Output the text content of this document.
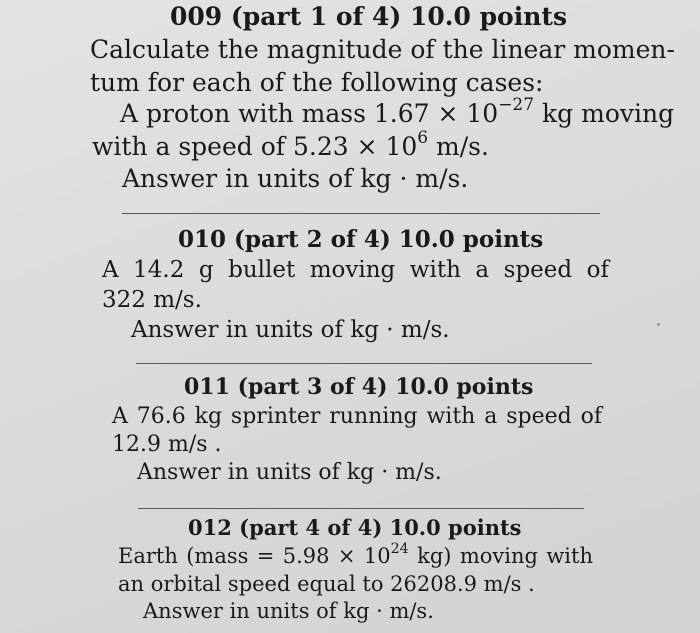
009 (part 1 of 4) 10.0 points
Calculate the magnitude of the linear momen-
tum for each of the following cases:
A proton with mass $1.67 \times 10^{-27}$ kg moving
with a speed of $5.23 \times 10^6$ m/s.
Answer in units of kg · m/s.
010 (part 2 of 4) 10.0 points
A 14.2 g bullet moving with a speed of
322 m/s.
Answer in units of kg · m/s.
011 (part 3 of 4) 10.0 points
A 76.6 kg sprinter running with a speed of
12.9 m/s .
Answer in units of kg · m/s.
012 (part 4 of 4) 10.0 points
Earth (mass = $5.98 \times 10^{24}$ kg) moving with
an orbital speed equal to 26208.9 m/s .
Answer in units of kg · m/s.
